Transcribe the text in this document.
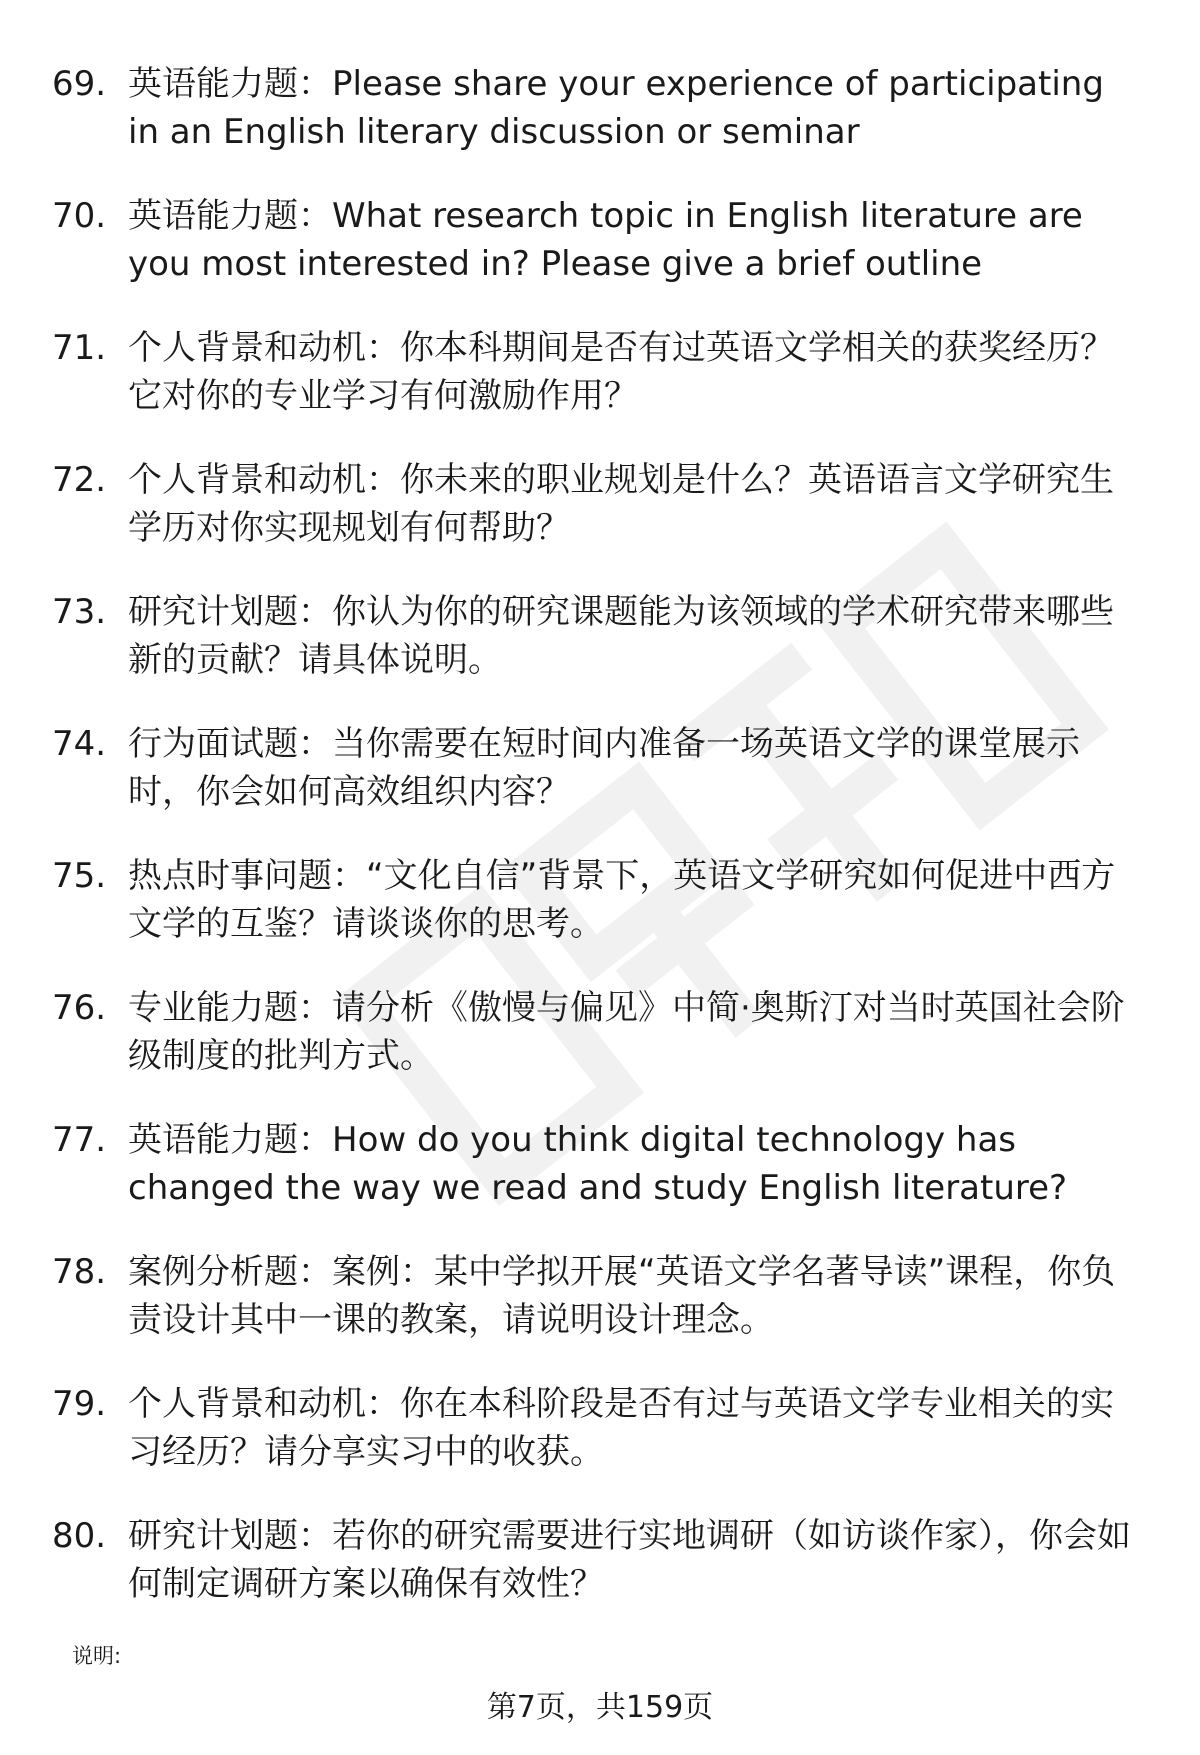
69. 英语能力题：Please share your experience of participating in an English literary discussion or seminar
70. 英语能力题：What research topic in English literature are you most interested in? Please give a brief outline
71. 个人背景和动机：你本科期间是否有过英语文学相关的获奖经历？它对你的专业学习有何激励作用？
72. 个人背景和动机：你未来的职业规划是什么？英语语言文学研究生学历对你实现规划有何帮助？
73. 研究计划题：你认为你的研究课题能为该领域的学术研究带来哪些新的贡献？请具体说明。
74. 行为面试题：当你需要在短时间内准备一场英语文学的课堂展示时，你会如何高效组织内容？
75. 热点时事问题：“文化自信”背景下，英语文学研究如何促进中西方文学的互鉴？请谈谈你的思考。
76. 专业能力题：请分析《傲慢与偏见》中简·奥斯汀对当时英国社会阶级制度的批判方式。
77. 英语能力题：How do you think digital technology has changed the way we read and study English literature?
78. 案例分析题：案例：某中学拟开展“英语文学名著导读”课程，你负责设计其中一课的教案，请说明设计理念。
79. 个人背景和动机：你在本科阶段是否有过与英语文学专业相关的实习经历？请分享实习中的收获。
80. 研究计划题：若你的研究需要进行实地调研（如访谈作家），你会如何制定调研方案以确保有效性？
说明:
第7页，共159页
